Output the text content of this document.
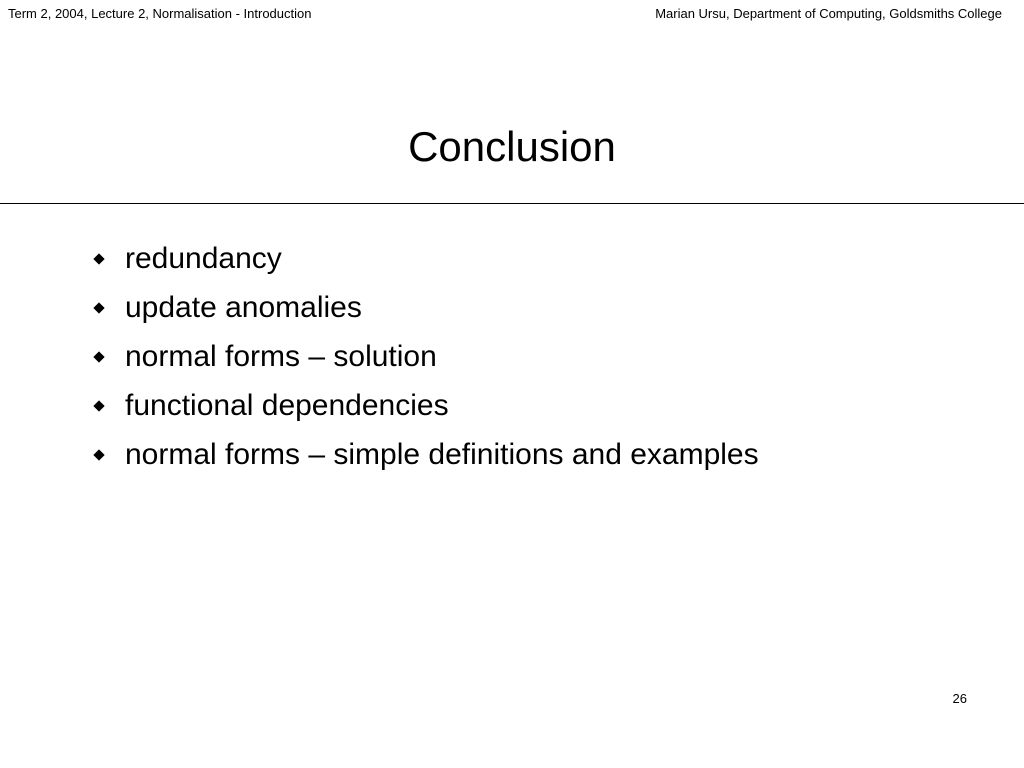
Term 2, 2004, Lecture 2, Normalisation - Introduction	Marian Ursu, Department of Computing, Goldsmiths College
Conclusion
redundancy
update anomalies
normal forms – solution
functional dependencies
normal forms – simple definitions and examples
26
